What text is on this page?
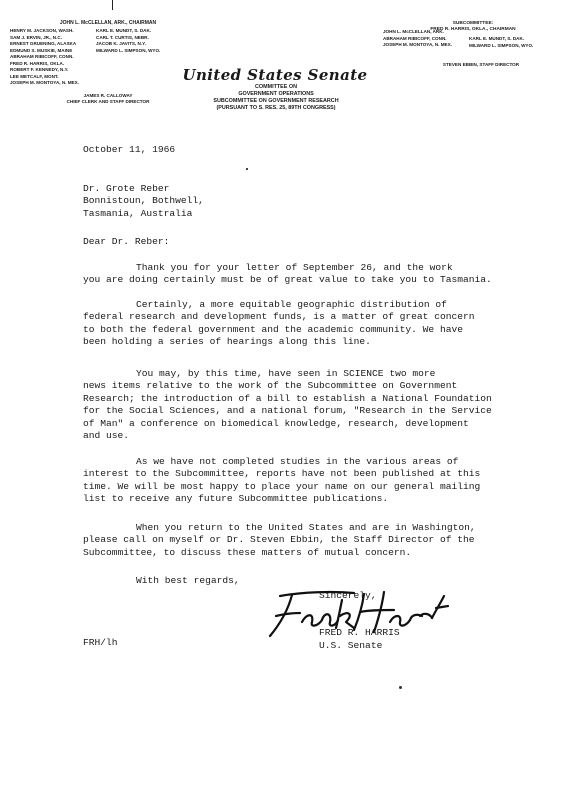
JOHN L. McCLELLAN, ARK., CHAIRMAN
HENRY M. JACKSON, WASH.
SAM J. ERVIN, JR., N.C.
ERNEST GRUENING, ALASKA
EDMUND S. MUSKIE, MAINE
ABRAHAM RIBICOFF, CONN.
FRED R. HARRIS, OKLA.
ROBERT F. KENNEDY, N.Y.
LEE METCALF, MONT.
JOSEPH M. MONTOYA, N. MEX.
KARL E. MUNDT, S. DAK.
CARL T. CURTIS, NEBR.
JACOB K. JAVITS, N.Y.
MILWARD L. SIMPSON, WYO.
JAMES R. CALLOWAY
CHIEF CLERK AND STAFF DIRECTOR
SUBCOMMITTEE:
FRED R. HARRIS, OKLA., CHAIRMAN
JOHN L. McCLELLAN, ARK.
ABRAHAM RIBICOFF, CONN.
JOSEPH M. MONTOYA, N. MEX.
KARL E. MUNDT, S. DAK.
MILWARD L. SIMPSON, WYO.
STEVEN EBBIN, STAFF DIRECTOR
United States Senate
COMMITTEE ON
GOVERNMENT OPERATIONS
SUBCOMMITTEE ON GOVERNMENT RESEARCH
(PURSUANT TO S. RES. 25, 89TH CONGRESS)
October 11, 1966
Dr. Grote Reber
Bonnistoun, Bothwell,
Tasmania, Australia
Dear Dr. Reber:
Thank you for your letter of September 26, and the work
you are doing certainly must be of great value to take you to Tasmania.
Certainly, a more equitable geographic distribution of
federal research and development funds, is a matter of great concern
to both the federal government and the academic community. We have
been holding a series of hearings along this line.
You may, by this time, have seen in SCIENCE two more
news items relative to the work of the Subcommittee on Government
Research; the introduction of a bill to establish a National Foundation
for the Social Sciences, and a national forum, "Research in the Service
of Man" a conference on biomedical knowledge, research, development
and use.
As we have not completed studies in the various areas of
interest to the Subcommittee, reports have not been published at this
time. We will be most happy to place your name on our general mailing
list to receive any future Subcommittee publications.
When you return to the United States and are in Washington,
please call on myself or Dr. Steven Ebbin, the Staff Director of the
Subcommittee, to discuss these matters of mutual concern.
With best regards,
Sincerely,
FRED R. HARRIS
U.S. Senate
FRH/lh
